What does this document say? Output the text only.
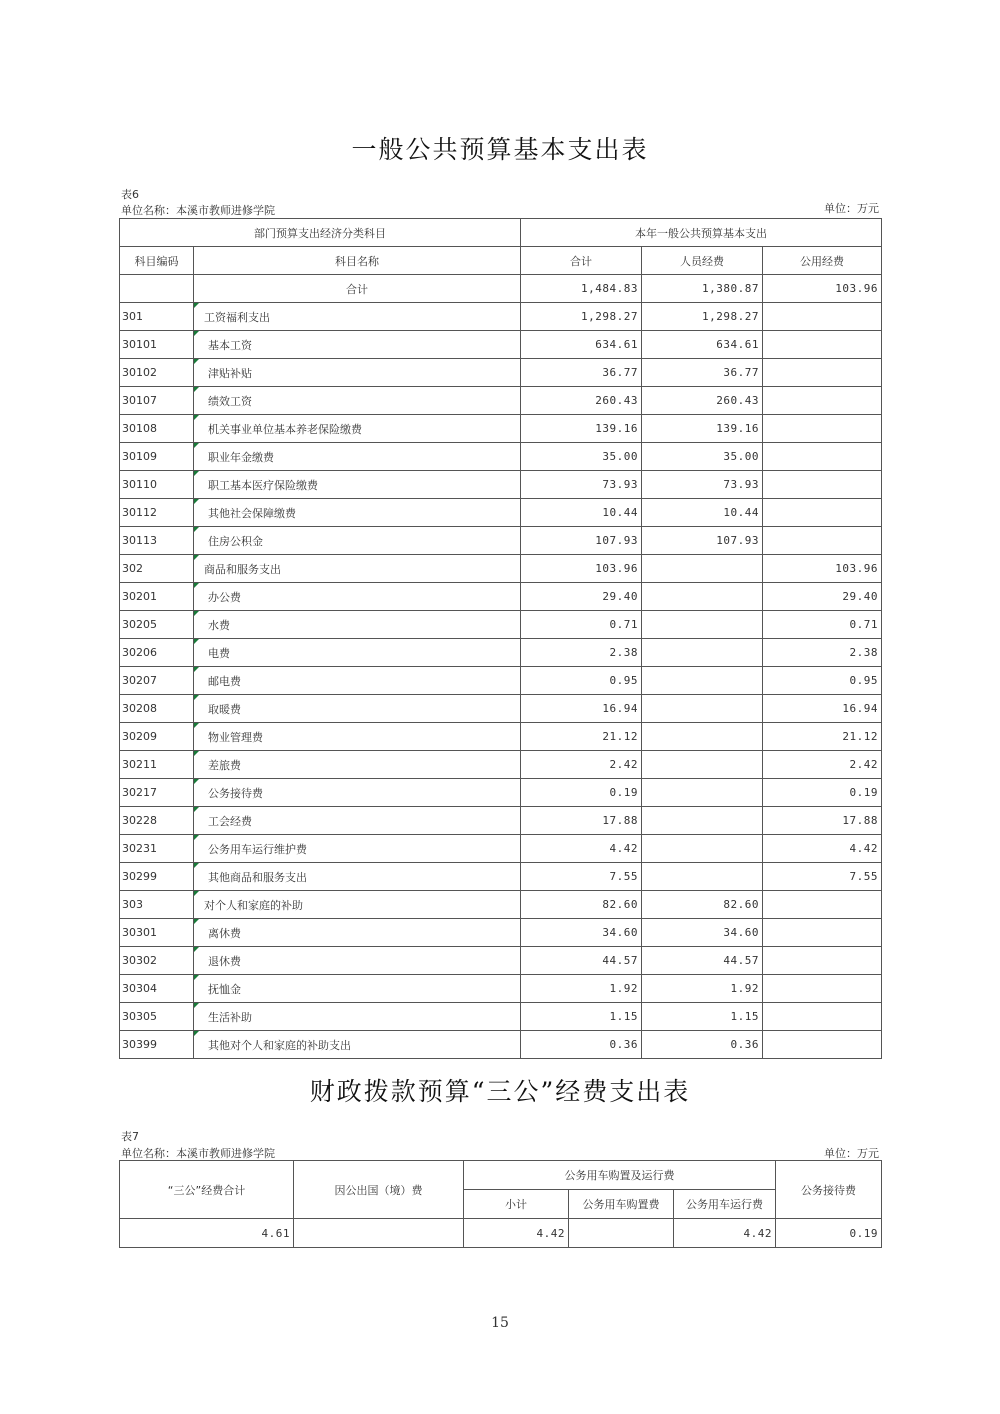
一般公共预算基本支出表
表6
单位名称：本溪市教师进修学院	单位：万元
部门预算支出经济分类科目		本年一般公共预算基本支出		
科目编码	科目名称	合计	人员经费	公用经费
	合计	1,484.83	1,380.87	103.96
301	工资福利支出	1,298.27	1,298.27	
30101	基本工资	634.61	634.61	
30102	津贴补贴	36.77	36.77	
30107	绩效工资	260.43	260.43	
30108	机关事业单位基本养老保险缴费	139.16	139.16	
30109	职业年金缴费	35.00	35.00	
30110	职工基本医疗保险缴费	73.93	73.93	
30112	其他社会保障缴费	10.44	10.44	
30113	住房公积金	107.93	107.93	
302	商品和服务支出	103.96		103.96
30201	办公费	29.40		29.40
30205	水费	0.71		0.71
30206	电费	2.38		2.38
30207	邮电费	0.95		0.95
30208	取暖费	16.94		16.94
30209	物业管理费	21.12		21.12
30211	差旅费	2.42		2.42
30217	公务接待费	0.19		0.19
30228	工会经费	17.88		17.88
30231	公务用车运行维护费	4.42		4.42
30299	其他商品和服务支出	7.55		7.55
303	对个人和家庭的补助	82.60	82.60	
30301	离休费	34.60	34.60	
30302	退休费	44.57	44.57	
30304	抚恤金	1.92	1.92	
30305	生活补助	1.15	1.15	
30399	其他对个人和家庭的补助支出	0.36	0.36	
财政拨款预算“三公”经费支出表
表7
单位名称：本溪市教师进修学院	单位：万元
“三公”经费合计	因公出国（境）费	公务用车购置及运行费			公务接待费
		小计	公务用车购置费	公务用车运行费	
4.61		4.42		4.42	0.19
15
